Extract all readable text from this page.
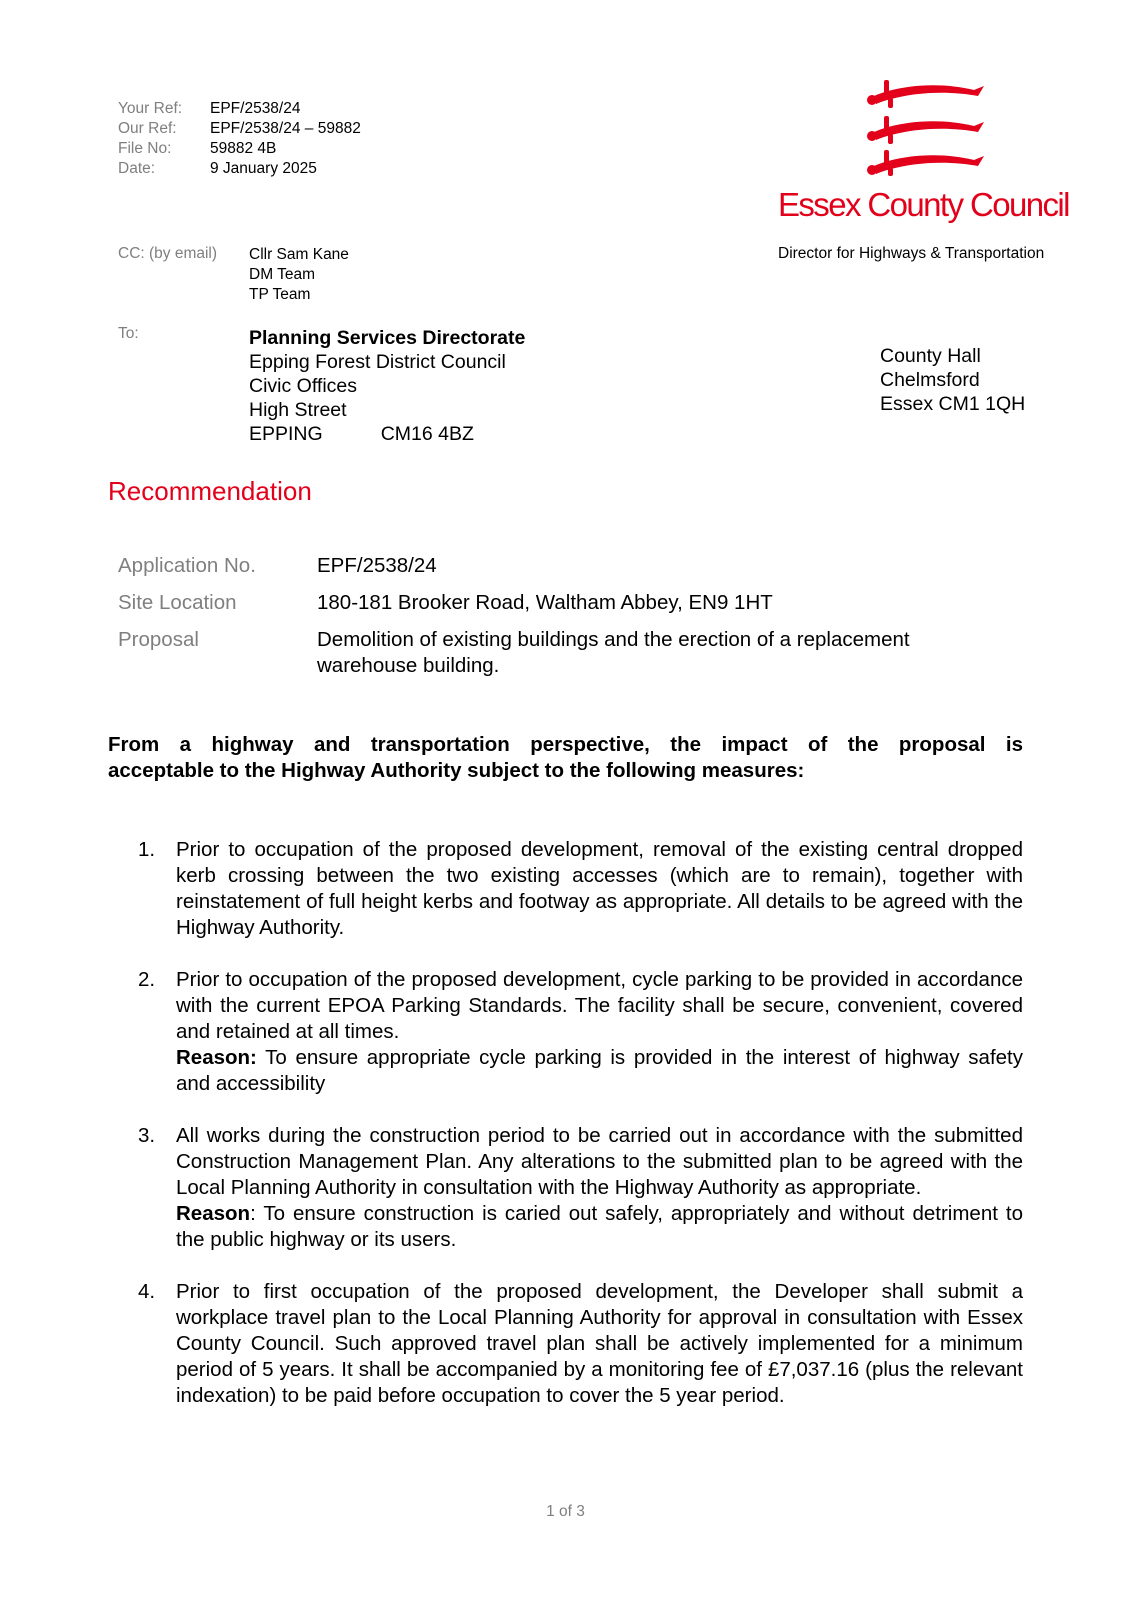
Your Ref:	EPF/2538/24
Our Ref:	EPF/2538/24 – 59882
File No:	59882 4B
Date:	9 January 2025
Essex County Council
Director for Highways & Transportation
CC: (by email) Cllr Sam Kane
DM Team
TP Team
To:	Planning Services Directorate
Epping Forest District Council
Civic Offices
High Street
EPPING	CM16 4BZ
County Hall
Chelmsford
Essex CM1 1QH
Recommendation
Application No.	EPF/2538/24
Site Location	180-181 Brooker Road, Waltham Abbey, EN9 1HT
Proposal	Demolition of existing buildings and the erection of a replacement warehouse building.
From a highway and transportation perspective, the impact of the proposal is
acceptable to the Highway Authority subject to the following measures:
1.	Prior to occupation of the proposed development, removal of the existing central dropped kerb crossing between the two existing accesses (which are to remain), together with reinstatement of full height kerbs and footway as appropriate. All details to be agreed with the Highway Authority.
2.	Prior to occupation of the proposed development, cycle parking to be provided in accordance with the current EPOA Parking Standards. The facility shall be secure, convenient, covered and retained at all times.
Reason: To ensure appropriate cycle parking is provided in the interest of highway safety and accessibility
3.	All works during the construction period to be carried out in accordance with the submitted Construction Management Plan. Any alterations to the submitted plan to be agreed with the Local Planning Authority in consultation with the Highway Authority as appropriate.
Reason: To ensure construction is caried out safely, appropriately and without detriment to the public highway or its users.
4.	Prior to first occupation of the proposed development, the Developer shall submit a workplace travel plan to the Local Planning Authority for approval in consultation with Essex County Council. Such approved travel plan shall be actively implemented for a minimum period of 5 years. It shall be accompanied by a monitoring fee of £7,037.16 (plus the relevant indexation) to be paid before occupation to cover the 5 year period.
1 of 3
